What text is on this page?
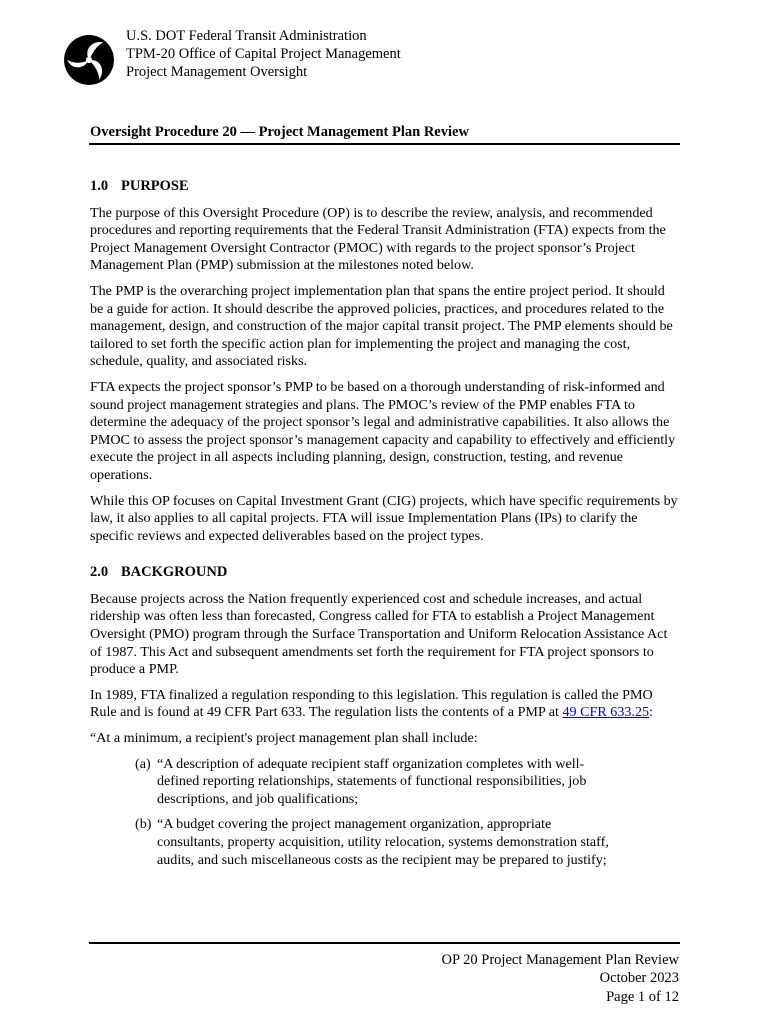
U.S. DOT Federal Transit Administration
TPM-20 Office of Capital Project Management
Project Management Oversight
Oversight Procedure 20 — Project Management Plan Review
1.0 PURPOSE

The purpose of this Oversight Procedure (OP) is to describe the review, analysis, and recommended procedures and reporting requirements that the Federal Transit Administration (FTA) expects from the Project Management Oversight Contractor (PMOC) with regards to the project sponsor’s Project Management Plan (PMP) submission at the milestones noted below.

The PMP is the overarching project implementation plan that spans the entire project period. It should be a guide for action. It should describe the approved policies, practices, and procedures related to the management, design, and construction of the major capital transit project. The PMP elements should be tailored to set forth the specific action plan for implementing the project and managing the cost, schedule, quality, and associated risks.

FTA expects the project sponsor’s PMP to be based on a thorough understanding of risk-informed and sound project management strategies and plans. The PMOC’s review of the PMP enables FTA to determine the adequacy of the project sponsor’s legal and administrative capabilities. It also allows the PMOC to assess the project sponsor’s management capacity and capability to effectively and efficiently execute the project in all aspects including planning, design, construction, testing, and revenue operations.

While this OP focuses on Capital Investment Grant (CIG) projects, which have specific requirements by law, it also applies to all capital projects. FTA will issue Implementation Plans (IPs) to clarify the specific reviews and expected deliverables based on the project types.

2.0 BACKGROUND

Because projects across the Nation frequently experienced cost and schedule increases, and actual ridership was often less than forecasted, Congress called for FTA to establish a Project Management Oversight (PMO) program through the Surface Transportation and Uniform Relocation Assistance Act of 1987. This Act and subsequent amendments set forth the requirement for FTA project sponsors to produce a PMP.

In 1989, FTA finalized a regulation responding to this legislation. This regulation is called the PMO Rule and is found at 49 CFR Part 633. The regulation lists the contents of a PMP at 49 CFR 633.25:

“At a minimum, a recipient's project management plan shall include:

(a) “A description of adequate recipient staff organization completes with well-defined reporting relationships, statements of functional responsibilities, job descriptions, and job qualifications;
(b) “A budget covering the project management organization, appropriate consultants, property acquisition, utility relocation, systems demonstration staff, audits, and such miscellaneous costs as the recipient may be prepared to justify;
OP 20 Project Management Plan Review
October 2023
Page 1 of 12
